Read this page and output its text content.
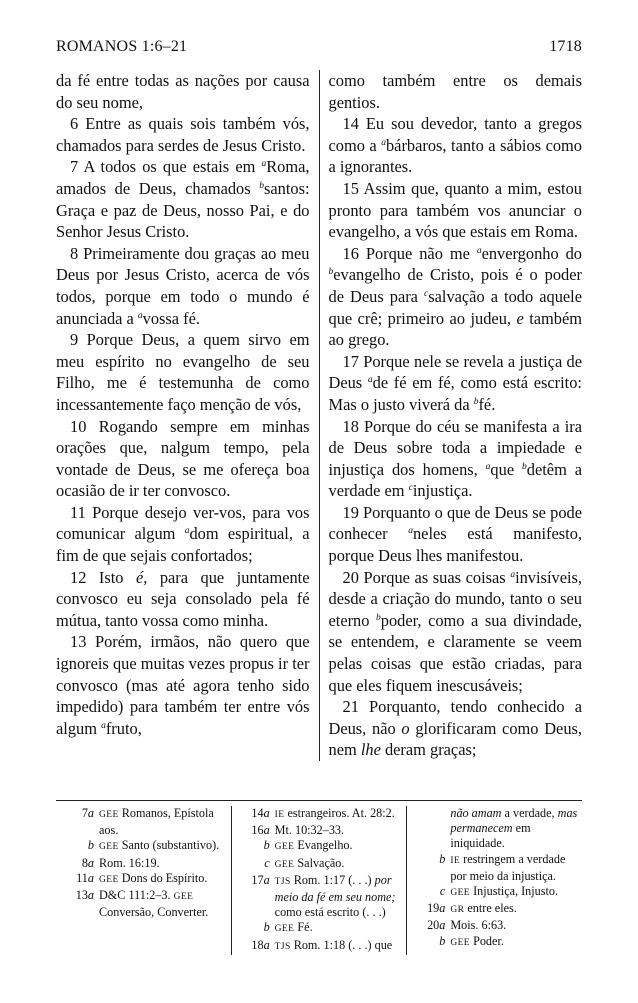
ROMANOS 1:6–21	1718

da fé entre todas as nações por causa do seu nome,

6 Entre as quais sois também vós, chamados para serdes de Jesus Cristo.

7 A todos os que estais em $^a$Roma, amados de Deus, chamados $^b$santos: Graça e paz de Deus, nosso Pai, e do Senhor Jesus Cristo.

8 Primeiramente dou graças ao meu Deus por Jesus Cristo, acerca de vós todos, porque em todo o mundo é anunciada a $^a$vossa fé.

9 Porque Deus, a quem sirvo em meu espírito no evangelho de seu Filho, me é testemunha de como incessantemente faço menção de vós,

10 Rogando sempre em minhas orações que, nalgum tempo, pela vontade de Deus, se me ofereça boa ocasião de ir ter convosco.

11 Porque desejo ver-vos, para vos comunicar algum $^a$dom espiritual, a fim de que sejais confortados;

12 Isto é, para que juntamente convosco eu seja consolado pela fé mútua, tanto vossa como minha.

13 Porém, irmãos, não quero que ignoreis que muitas vezes propus ir ter convosco (mas até agora tenho sido impedido) para também ter entre vós algum $^a$fruto,

como também entre os demais gentios.

14 Eu sou devedor, tanto a gregos como a $^a$bárbaros, tanto a sábios como a ignorantes.

15 Assim que, quanto a mim, estou pronto para também vos anunciar o evangelho, a vós que estais em Roma.

16 Porque não me $^a$envergonho do $^b$evangelho de Cristo, pois é o poder de Deus para $^c$salvação a todo aquele que crê; primeiro ao judeu, e também ao grego.

17 Porque nele se revela a justiça de Deus $^a$de fé em fé, como está escrito: Mas o justo viverá da $^b$fé.

18 Porque do céu se manifesta a ira de Deus sobre toda a impiedade e injustiça dos homens, $^a$que $^b$detêm a verdade em $^c$injustiça.

19 Porquanto o que de Deus se pode conhecer $^a$neles está manifesto, porque Deus lhes manifestou.

20 Porque as suas coisas $^a$invisíveis, desde a criação do mundo, tanto o seu eterno $^b$poder, como a sua divindade, se entendem, e claramente se veem pelas coisas que estão criadas, para que eles fiquem inescusáveis;

21 Porquanto, tendo conhecido a Deus, não o glorificaram como Deus, nem lhe deram graças;

7a GEE Romanos, Epístola aos.
b GEE Santo (substantivo).
8a Rom. 16:19.
11a GEE Dons do Espírito.
13a D&C 111:2–3. GEE Conversão, Converter.
14a IE estrangeiros. At. 28:2.
16a Mt. 10:32–33.
b GEE Evangelho.
c GEE Salvação.
17a TJS Rom. 1:17 (. . .) por meio da fé em seu nome; como está escrito (. . .)
b GEE Fé.
18a TJS Rom. 1:18 (. . .) que
não amam a verdade, mas permanecem em iniquidade.
b IE restringem a verdade por meio da injustiça.
c GEE Injustiça, Injusto.
19a GR entre eles.
20a Mois. 6:63.
b GEE Poder.
